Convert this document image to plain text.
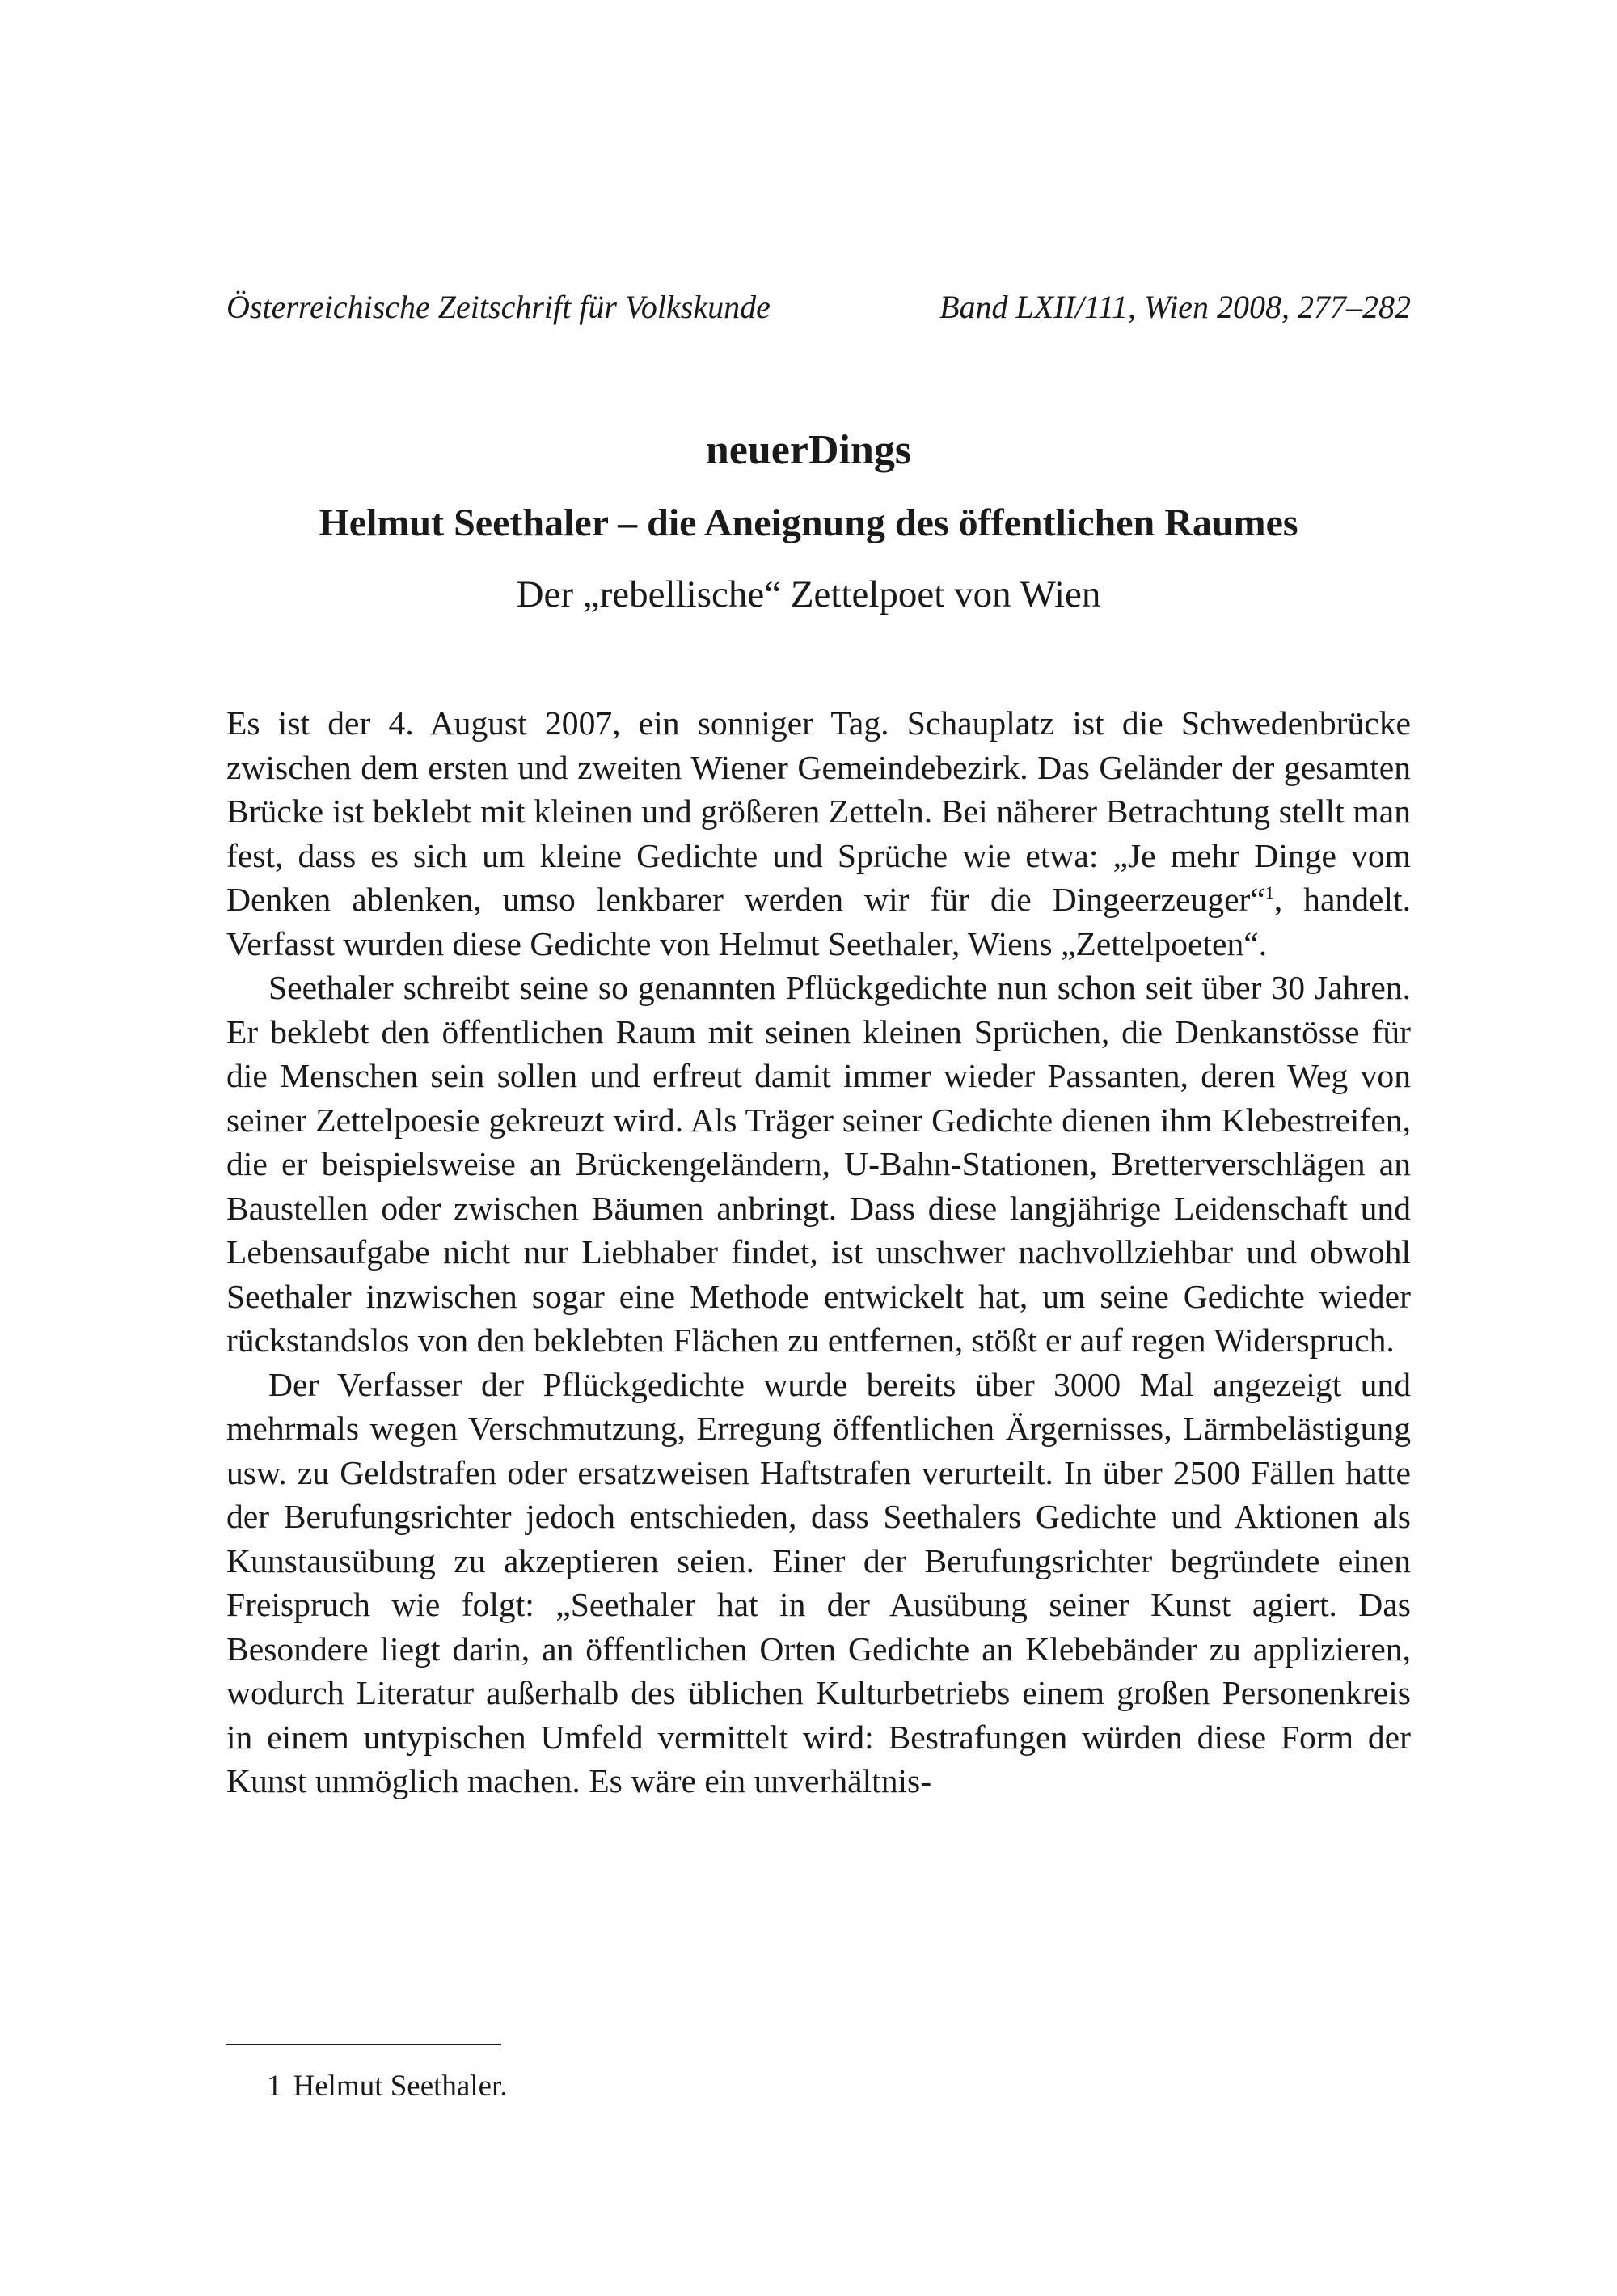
Österreichische Zeitschrift für Volkskunde	Band LXII/111, Wien 2008, 277–282
neuerDings
Helmut Seethaler – die Aneignung des öffentlichen Raumes
Der „rebellische“ Zettelpoet von Wien

Es ist der 4. August 2007, ein sonniger Tag. Schauplatz ist die Schwedenbrücke zwischen dem ersten und zweiten Wiener Gemeindebezirk. Das Geländer der gesamten Brücke ist beklebt mit kleinen und größeren Zetteln. Bei näherer Betrachtung stellt man fest, dass es sich um kleine Gedichte und Sprüche wie etwa: „Je mehr Dinge vom Denken ablenken, umso lenkbarer werden wir für die Dingeerzeuger“$^1$, handelt. Verfasst wurden diese Gedichte von Helmut Seethaler, Wiens „Zettelpoeten“.

Seethaler schreibt seine so genannten Pflückgedichte nun schon seit über 30 Jahren. Er beklebt den öffentlichen Raum mit seinen kleinen Sprüchen, die Denkanstösse für die Menschen sein sollen und erfreut damit immer wieder Passanten, deren Weg von seiner Zettelpoesie gekreuzt wird. Als Träger seiner Gedichte dienen ihm Klebestreifen, die er beispielsweise an Brückengeländern, U-Bahn-Stationen, Bretterverschlägen an Baustellen oder zwischen Bäumen anbringt. Dass diese langjährige Leidenschaft und Lebensaufgabe nicht nur Liebhaber findet, ist unschwer nachvollziehbar und obwohl Seethaler inzwischen sogar eine Methode entwickelt hat, um seine Gedichte wieder rückstandslos von den beklebten Flächen zu entfernen, stößt er auf regen Widerspruch.

Der Verfasser der Pflückgedichte wurde bereits über 3000 Mal angezeigt und mehrmals wegen Verschmutzung, Erregung öffentlichen Ärgernisses, Lärmbelästigung usw. zu Geldstrafen oder ersatzweisen Haftstrafen verurteilt. In über 2500 Fällen hatte der Berufungsrichter jedoch entschieden, dass Seethalers Gedichte und Aktionen als Kunstausübung zu akzeptieren seien. Einer der Berufungsrichter begründete einen Freispruch wie folgt: „Seethaler hat in der Ausübung seiner Kunst agiert. Das Besondere liegt darin, an öffentlichen Orten Gedichte an Klebebänder zu applizieren, wodurch Literatur außerhalb des üblichen Kulturbetriebs einem großen Personenkreis in einem untypischen Umfeld vermittelt wird: Bestrafungen würden diese Form der Kunst unmöglich machen. Es wäre ein unverhältnis-

1 Helmut Seethaler.
